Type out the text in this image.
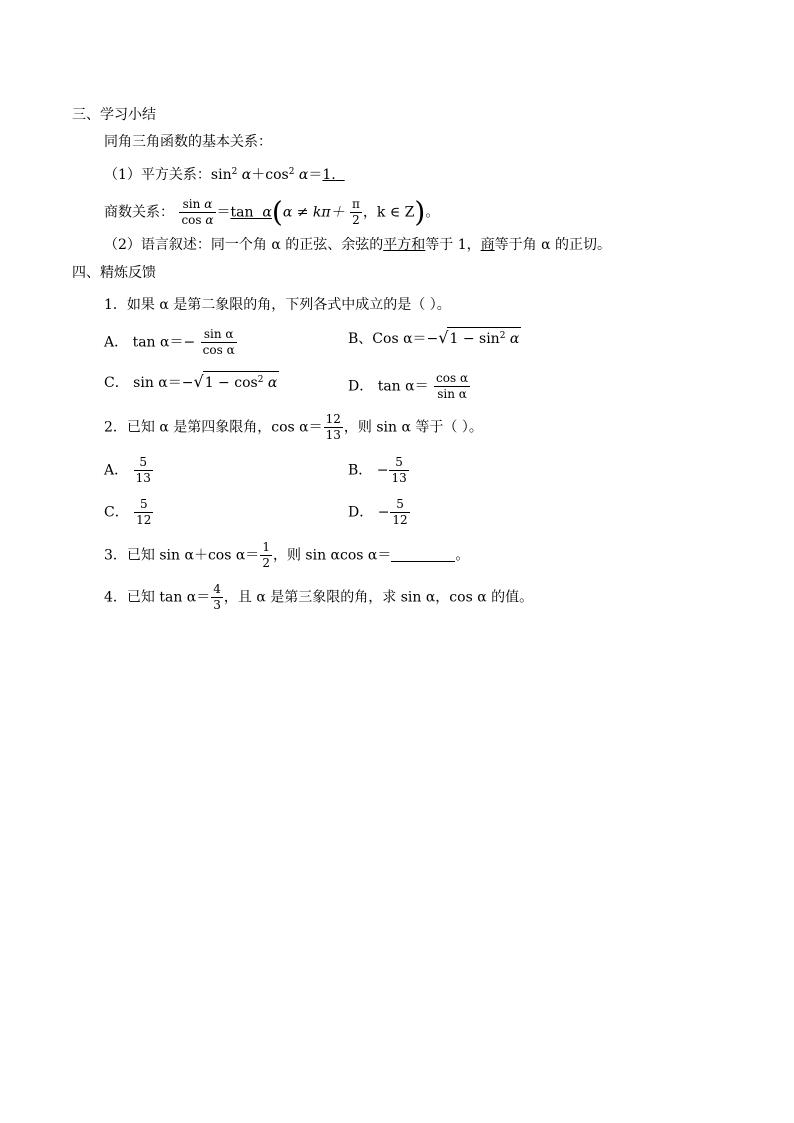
三、学习小结
同角三角函数的基本关系：
（1）平方关系：$\sin^2 \alpha+\cos^2$ α＝1.
商数关系： $\frac{\text{sin α}}{\text{cos α}} =\tan$ $\alpha(\alpha \ne k\pi+ \frac{\pi}{2}$ ，k ∈ Z)。
（2）语言叙述：同一个角 α 的正弦、余弦的平方和等于 1，商等于角 α 的正切。
四、精炼反馈
1．如果 α 是第二象限的角，下列各式中成立的是（ ）。
A． $\tan \alpha=- \frac{\text{sin α}}{\text{cos α}}$	B、Cos $\alpha=-√1 - \sin^2 \alpha$
C． $\sin \alpha=-√1 - \cos^2 \alpha$	D． $\tan \alpha= \frac{\text{cos α}}{\text{sin α}}$
2．已知 α 是第四象限角，$\cos \alpha= \frac{12}{13}$ ，则 sin α 等于（ ）。
A． $\frac{5}{13}$	B． − $\frac{5}{13}$
C． $\frac{5}{12}$	D． − $\frac{5}{12}$
3．已知 sin α＋cos $\alpha= \frac{1}{2}$ ，则 sin αcos α＝	。
4．已知 $\tan \alpha= \frac{4}{3}$ ，且 α 是第三象限的角，求 sin α，cos α 的值。
